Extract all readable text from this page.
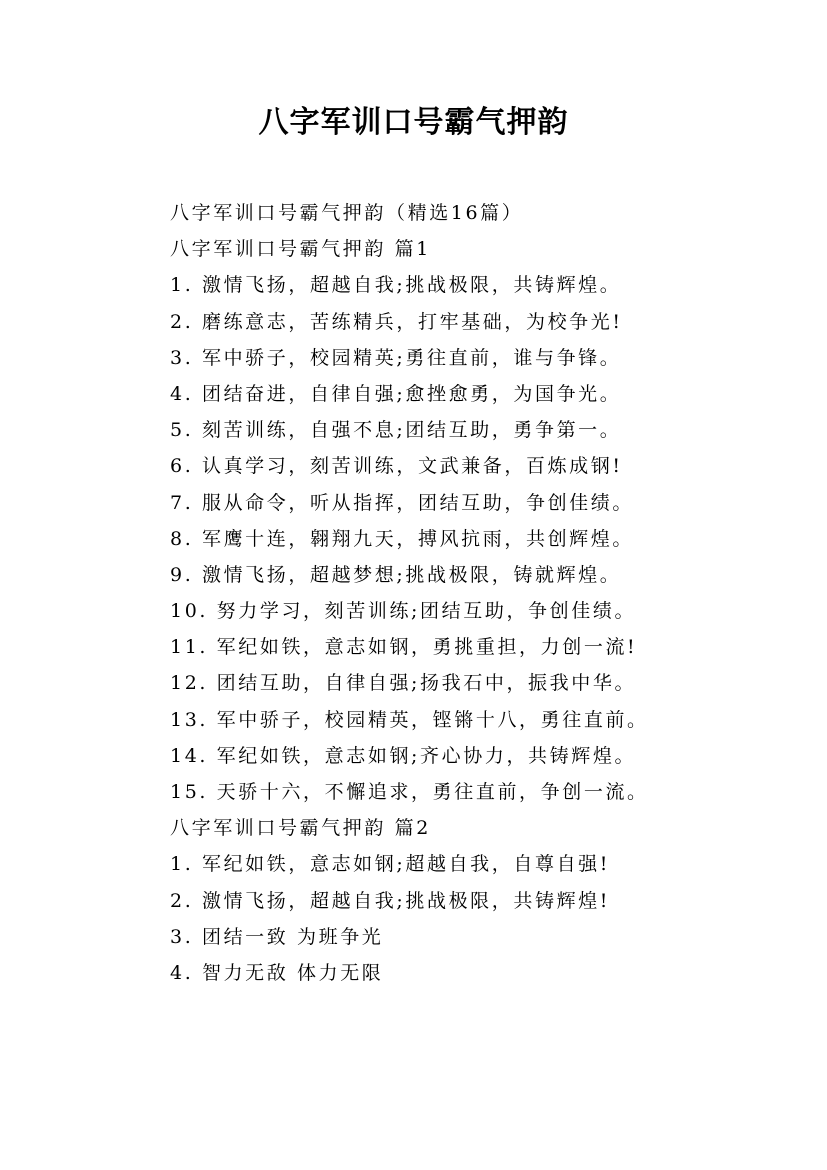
八字军训口号霸气押韵
八字军训口号霸气押韵（精选16篇）
八字军训口号霸气押韵 篇1
1. 激情飞扬，超越自我;挑战极限，共铸辉煌。
2. 磨练意志，苦练精兵，打牢基础，为校争光!
3. 军中骄子，校园精英;勇往直前，谁与争锋。
4. 团结奋进，自律自强;愈挫愈勇，为国争光。
5. 刻苦训练，自强不息;团结互助，勇争第一。
6. 认真学习，刻苦训练，文武兼备，百炼成钢!
7. 服从命令，听从指挥，团结互助，争创佳绩。
8. 军鹰十连，翱翔九天，搏风抗雨，共创辉煌。
9. 激情飞扬，超越梦想;挑战极限，铸就辉煌。
10. 努力学习，刻苦训练;团结互助，争创佳绩。
11. 军纪如铁，意志如钢，勇挑重担，力创一流!
12. 团结互助，自律自强;扬我石中，振我中华。
13. 军中骄子，校园精英，铿锵十八，勇往直前。
14. 军纪如铁，意志如钢;齐心协力，共铸辉煌。
15. 天骄十六，不懈追求，勇往直前，争创一流。
八字军训口号霸气押韵 篇2
1. 军纪如铁，意志如钢;超越自我，自尊自强!
2. 激情飞扬，超越自我;挑战极限，共铸辉煌!
3. 团结一致 为班争光
4. 智力无敌 体力无限
